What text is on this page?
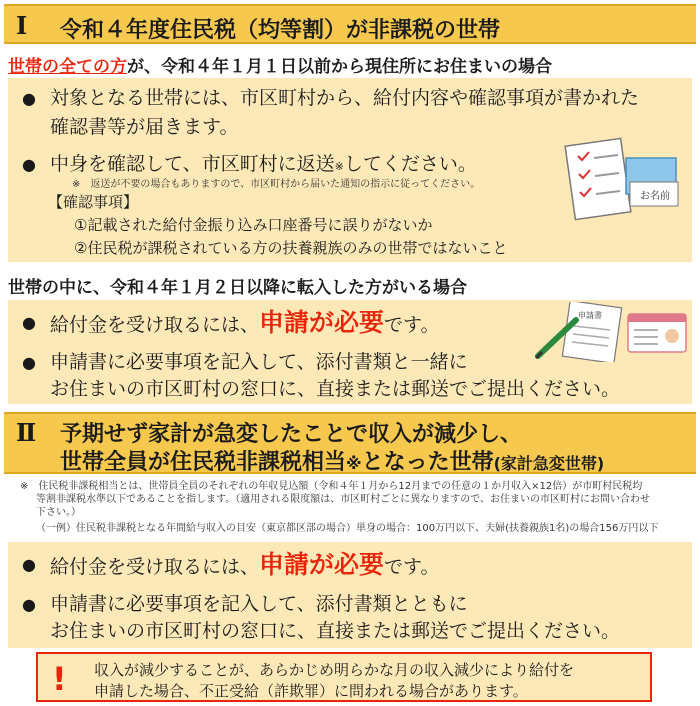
Ⅰ 令和４年度住民税（均等割）が非課税の世帯
世帯の全ての方が、令和４年１月１日以前から現住所にお住まいの場合
● 対象となる世帯には、市区町村から、給付内容や確認事項が書かれた
確認書等が届きます。
● 中身を確認して、市区町村に返送※してください。
※　返送が不要の場合もありますので、市区町村から届いた通知の指示に従ってください。
【確認事項】
①記載された給付金振り込み口座番号に誤りがないか
②住民税が課税されている方の扶養親族のみの世帯ではないこと
お名前
世帯の中に、令和４年１月２日以降に転入した方がいる場合
● 給付金を受け取るには、申請が必要です。
● 申請書に必要事項を記入して、添付書類と一緒に
お住まいの市区町村の窓口に、直接または郵送でご提出ください。
申請書
Ⅱ 予期せず家計が急変したことで収入が減少し、
世帯全員が住民税非課税相当※となった世帯(家計急変世帯)
※　住民税非課税相当とは、世帯員全員のそれぞれの年収見込額（令和４年１月から12月までの任意の１か月収入×12倍）が市町村民税均
等割非課税水準以下であることを指します。（適用される限度額は、市区町村ごとに異なりますので、お住まいの市区町村にお問い合わせ
下さい。）
（一例）住民税非課税となる年間給与収入の目安（東京都区部の場合）単身の場合：100万円以下、夫婦(扶養親族1名)の場合156万円以下
● 給付金を受け取るには、申請が必要です。
● 申請書に必要事項を記入して、添付書類とともに
お住まいの市区町村の窓口に、直接または郵送でご提出ください。
! 収入が減少することが、あらかじめ明らかな月の収入減少により給付を
申請した場合、不正受給（詐欺罪）に問われる場合があります。
